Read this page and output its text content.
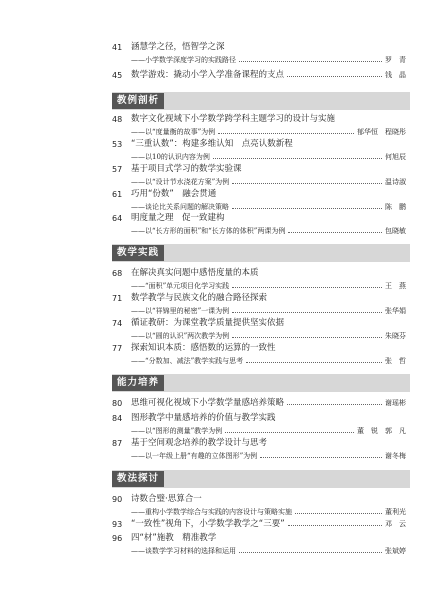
41	涵慧学之径，悟智学之深
——小学数学深度学习的实践路径	罗　青
45	数学游戏：撬动小学入学准备课程的支点	钱　晶
教例剖析
48	数字文化视域下小学数学跨学科主题学习的设计与实施
——以“度量衡的故事”为例	郁华恒　程晓彤
53	“三重认数”：构建多维认知　点亮认数新程
——以10的认识内容为例	何旭辰
57	基于项目式学习的数学实验课
——以“设计节水浇花方案”为例	温诗淑
61	巧用“份数”　融会贯通
——谈论比关系问题的解决策略	陈　鹏
64	明度量之理　促一致建构
——以“长方形的面积”和“长方体的体积”两课为例	包晓敏
教学实践
68	在解决真实问题中感悟度量的本质
——“面积”单元项目化学习实践	王　燕
71	数学教学与民族文化的融合路径探索
——以“祥锦里的秘密”一课为例	张华娟
74	循证教研：为课堂教学质量提供坚实依据
——以“圆的认识”两次教学为例	朱晓芬
77	探索知识本质：感悟数的运算的一致性
——“分数加、减法”教学实践与思考	张　哲
能力培养
80	思维可视化视域下小学数学量感培养策略	谢瑶彬
84	图形教学中量感培养的价值与教学实践
——以“图形的测量”教学为例	董　锐　郭　凡
87	基于空间观念培养的教学设计与思考
——以一年级上册“有趣的立体图形”为例	谢冬梅
教法探讨
90	诗数合璧·思算合一
——重构小学数学综合与实践的内容设计与策略实施	董利光
93	“一致性”视角下，小学数学教学之“三要”	邓　云
96	四“材”施教　精准教学
——谈数学学习材料的选择和运用	张斌婷
